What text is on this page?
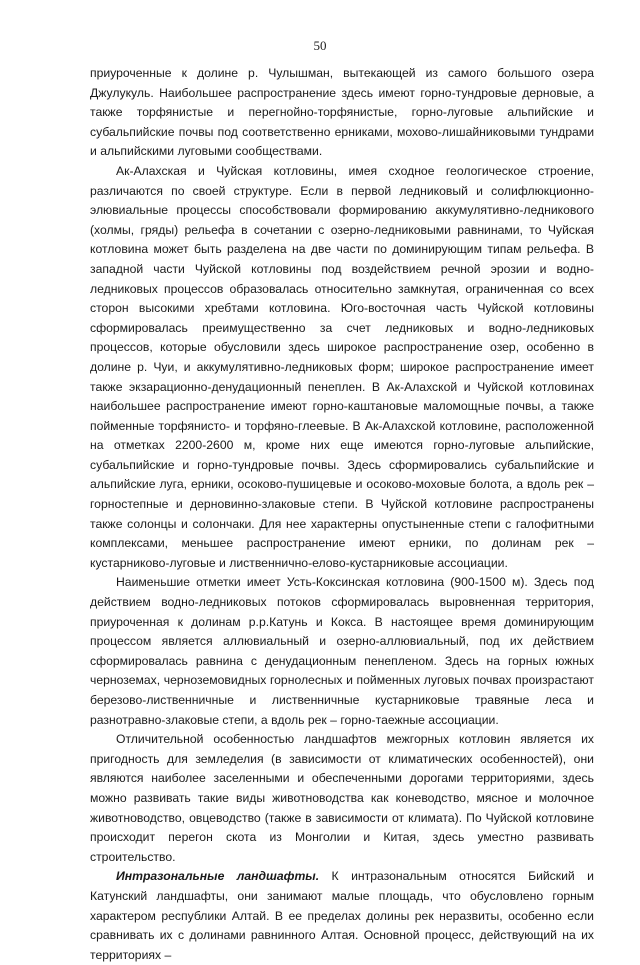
50

приуроченные к долине р. Чулышман, вытекающей из самого большого озера Джулукуль. Наибольшее распространение здесь имеют горно-тундровые дерновые, а также торфянистые и перегнойно-торфянистые, горно-луговые альпийские и субальпийские почвы под соответственно ерниками, мохово-лишайниковыми тундрами и альпийскими луговыми сообществами.

Ак-Алахская и Чуйская котловины, имея сходное геологическое строение, различаются по своей структуре. Если в первой ледниковый и солифлюкционно-элювиальные процессы способствовали формированию аккумулятивно-ледникового (холмы, гряды) рельефа в сочетании с озерно-ледниковыми равнинами, то Чуйская котловина может быть разделена на две части по доминирующим типам рельефа. В западной части Чуйской котловины под воздействием речной эрозии и водно-ледниковых процессов образовалась относительно замкнутая, ограниченная со всех сторон высокими хребтами котловина. Юго-восточная часть Чуйской котловины сформировалась преимущественно за счет ледниковых и водно-ледниковых процессов, которые обусловили здесь широкое распространение озер, особенно в долине р. Чуи, и аккумулятивно-ледниковых форм; широкое распространение имеет также экзарационно-денудационный пенеплен. В Ак-Алахской и Чуйской котловинах наибольшее распространение имеют горно-каштановые маломощные почвы, а также пойменные торфянисто- и торфяно-глеевые. В Ак-Алахской котловине, расположенной на отметках 2200-2600 м, кроме них еще имеются горно-луговые альпийские, субальпийские и горно-тундровые почвы. Здесь сформировались субальпийские и альпийские луга, ерники, осоково-пушицевые и осоково-моховые болота, а вдоль рек – горностепные и дерновинно-злаковые степи. В Чуйской котловине распространены также солонцы и солончаки. Для нее характерны опустыненные степи с галофитными комплексами, меньшее распространение имеют ерники, по долинам рек – кустарниково-луговые и лиственнично-елово-кустарниковые ассоциации.

Наименьшие отметки имеет Усть-Коксинская котловина (900-1500 м). Здесь под действием водно-ледниковых потоков сформировалась выровненная территория, приуроченная к долинам р.р.Катунь и Кокса. В настоящее время доминирующим процессом является аллювиальный и озерно-аллювиальный, под их действием сформировалась равнина с денудационным пенепленом. Здесь на горных южных черноземах, черноземовидных горнолесных и пойменных луговых почвах произрастают березово-лиственничные и лиственничные кустарниковые травяные леса и разнотравно-злаковые степи, а вдоль рек – горно-таежные ассоциации.

Отличительной особенностью ландшафтов межгорных котловин является их пригодность для земледелия (в зависимости от климатических особенностей), они являются наиболее заселенными и обеспеченными дорогами территориями, здесь можно развивать такие виды животноводства как коневодство, мясное и молочное животноводство, овцеводство (также в зависимости от климата). По Чуйской котловине происходит перегон скота из Монголии и Китая, здесь уместно развивать строительство.

Интразональные ландшафты. К интразональным относятся Бийский и Катунский ландшафты, они занимают малые площадь, что обусловлено горным характером республики Алтай. В ее пределах долины рек неразвиты, особенно если сравнивать их с долинами равнинного Алтая. Основной процесс, действующий на их территориях –
